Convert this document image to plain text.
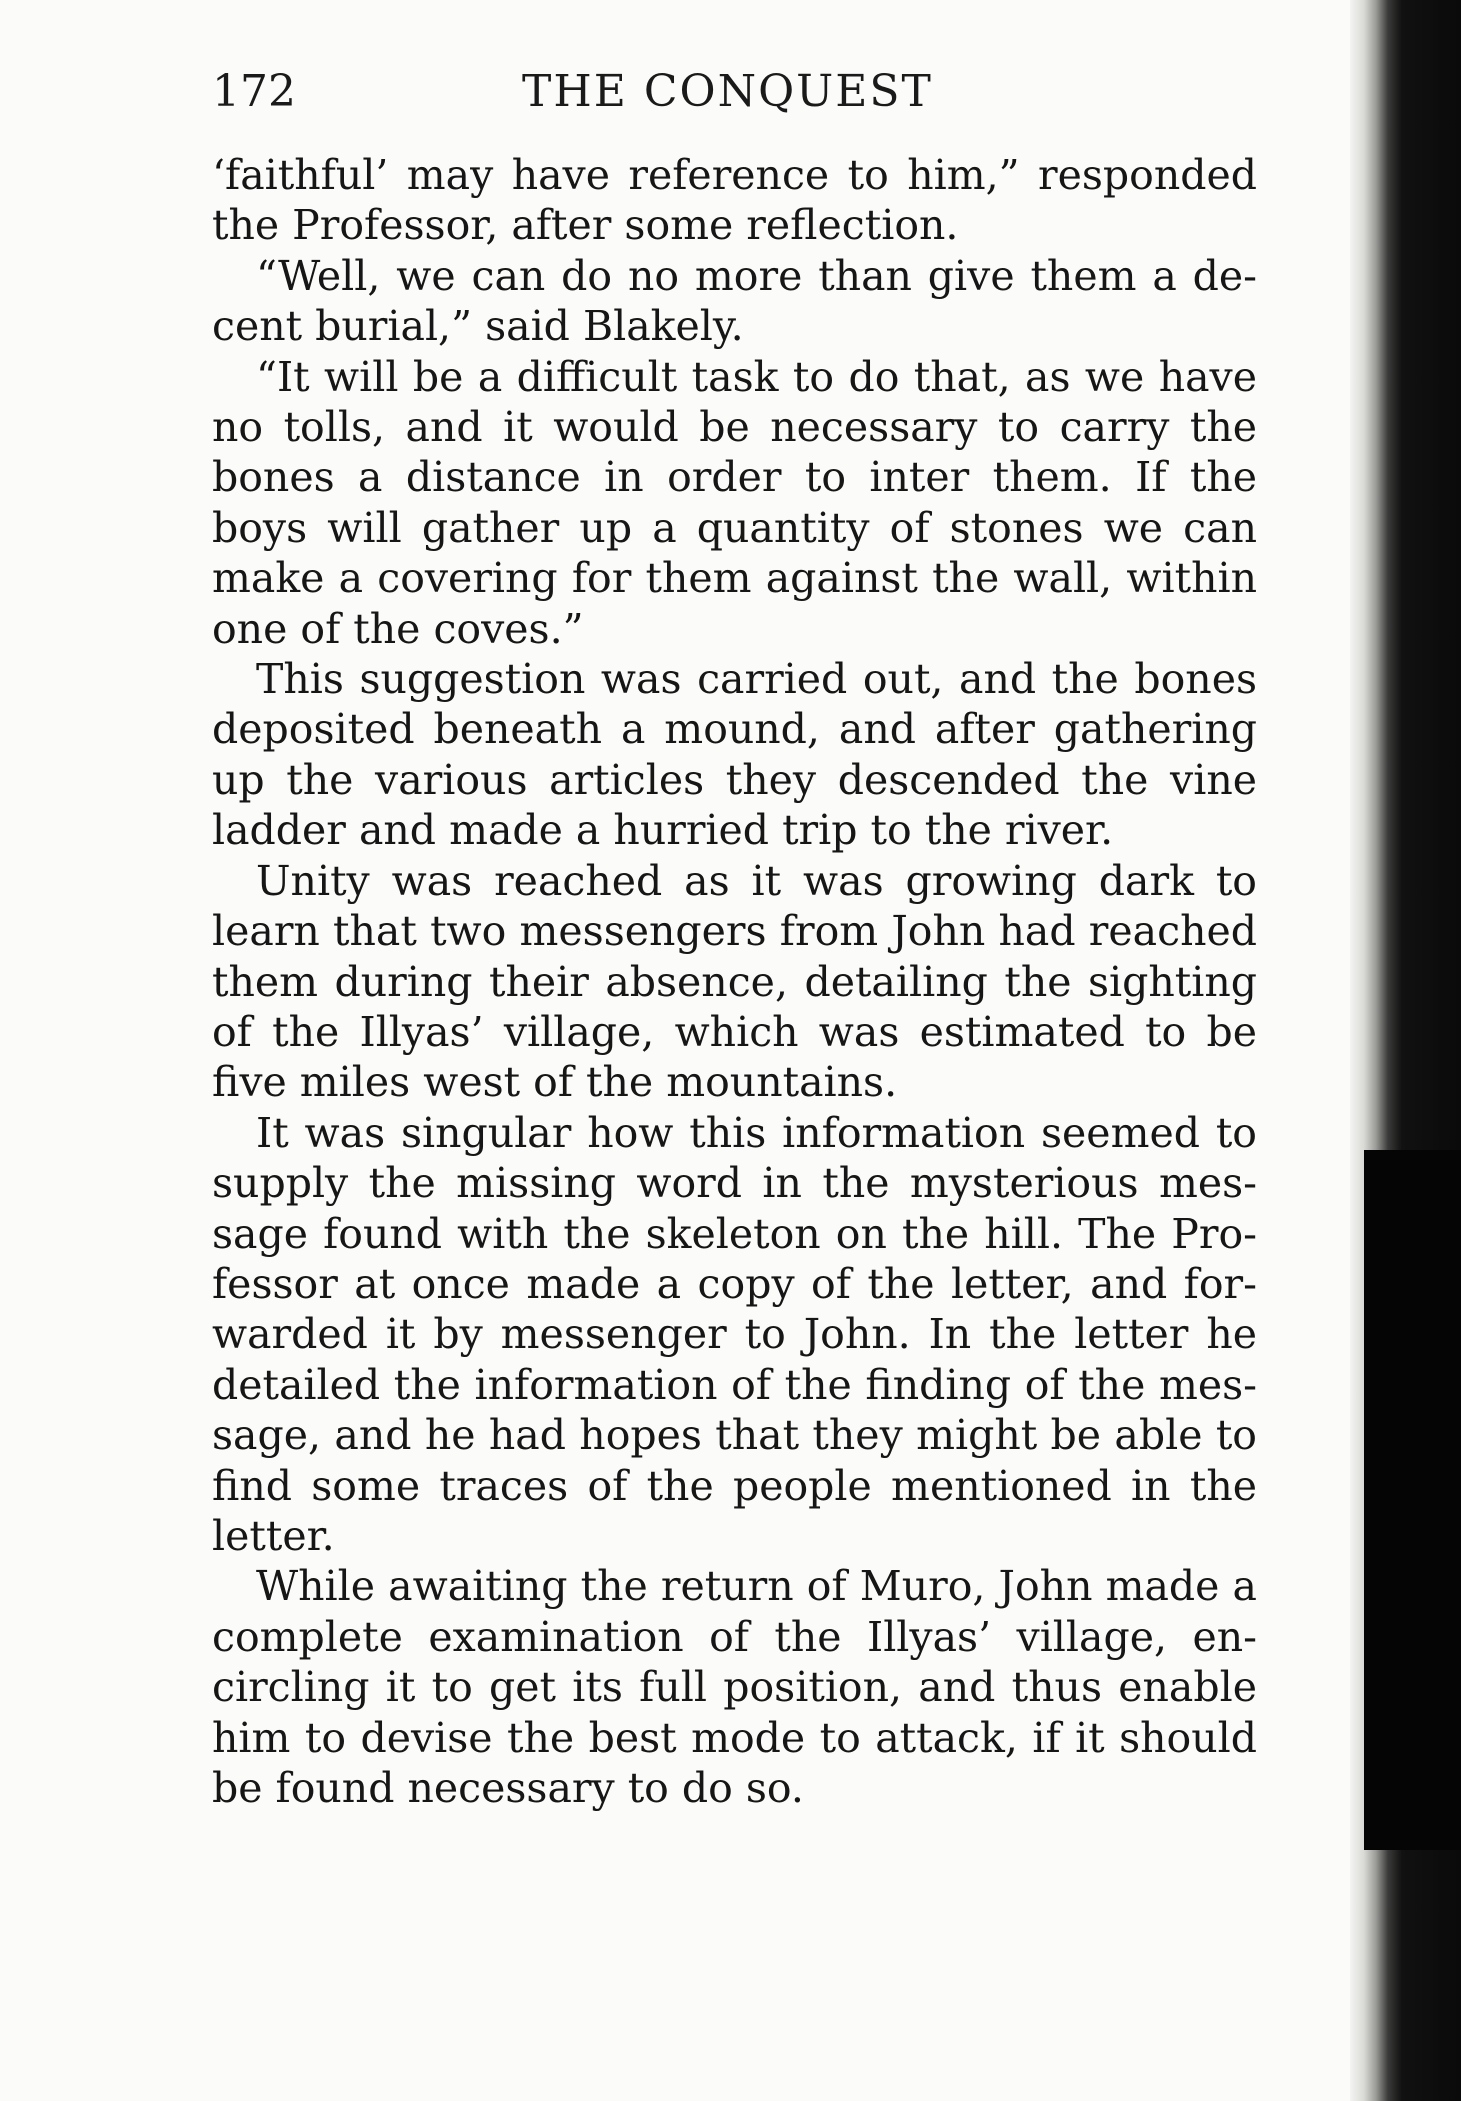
172	THE CONQUEST

‘faithful’ may have reference to him,” responded the Professor, after some reflection.

“Well, we can do no more than give them a decent burial,” said Blakely.

“It will be a difficult task to do that, as we have no tolls, and it would be necessary to carry the bones a distance in order to inter them. If the boys will gather up a quantity of stones we can make a covering for them against the wall, within one of the coves.”

This suggestion was carried out, and the bones deposited beneath a mound, and after gathering up the various articles they descended the vine ladder and made a hurried trip to the river.

Unity was reached as it was growing dark to learn that two messengers from John had reached them during their absence, detailing the sighting of the Illyas’ village, which was estimated to be five miles west of the mountains.

It was singular how this information seemed to supply the missing word in the mysterious message found with the skeleton on the hill. The Professor at once made a copy of the letter, and forwarded it by messenger to John. In the letter he detailed the information of the finding of the message, and he had hopes that they might be able to find some traces of the people mentioned in the letter.

While awaiting the return of Muro, John made a complete examination of the Illyas’ village, encircling it to get its full position, and thus enable him to devise the best mode to attack, if it should be found necessary to do so.
